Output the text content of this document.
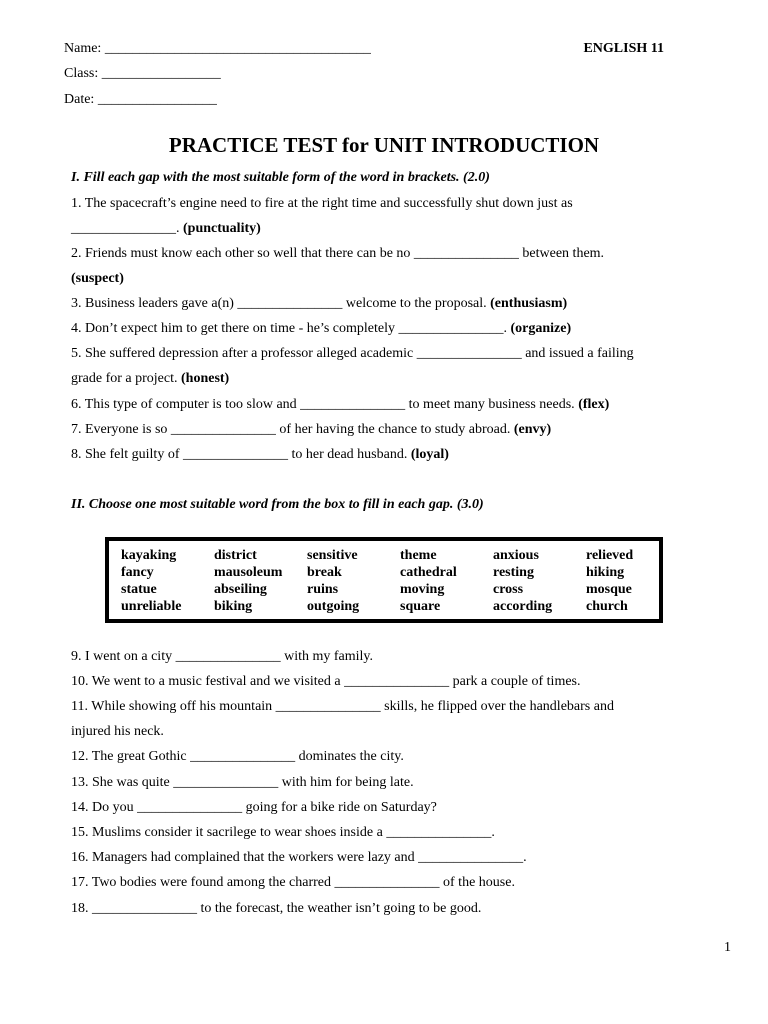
Name: ______________________________________
Class: _________________
Date: _________________
ENGLISH 11
PRACTICE TEST for UNIT INTRODUCTION
I. Fill each gap with the most suitable form of the word in brackets. (2.0)
1. The spacecraft’s engine need to fire at the right time and successfully shut down just as
_______________. (punctuality)
2. Friends must know each other so well that there can be no _______________ between them.
(suspect)
3. Business leaders gave a(n) _______________ welcome to the proposal. (enthusiasm)
4. Don’t expect him to get there on time - he’s completely _______________. (organize)
5. She suffered depression after a professor alleged academic _______________ and issued a failing
grade for a project. (honest)
6. This type of computer is too slow and _______________ to meet many business needs. (flex)
7. Everyone is so _______________ of her having the chance to study abroad. (envy)
8. She felt guilty of _______________ to her dead husband. (loyal)
II. Choose one most suitable word from the box to fill in each gap. (3.0)
kayaking	district	sensitive	theme	anxious	relieved
fancy	mausoleum	break	cathedral	resting	hiking
statue	abseiling	ruins	moving	cross	mosque
unreliable	biking	outgoing	square	according	church
9. I went on a city _______________ with my family.
10. We went to a music festival and we visited a _______________ park a couple of times.
11. While showing off his mountain _______________ skills, he flipped over the handlebars and
injured his neck.
12. The great Gothic _______________ dominates the city.
13. She was quite _______________ with him for being late.
14. Do you _______________ going for a bike ride on Saturday?
15. Muslims consider it sacrilege to wear shoes inside a _______________.
16. Managers had complained that the workers were lazy and _______________.
17. Two bodies were found among the charred _______________ of the house.
18. _______________ to the forecast, the weather isn’t going to be good.
1
